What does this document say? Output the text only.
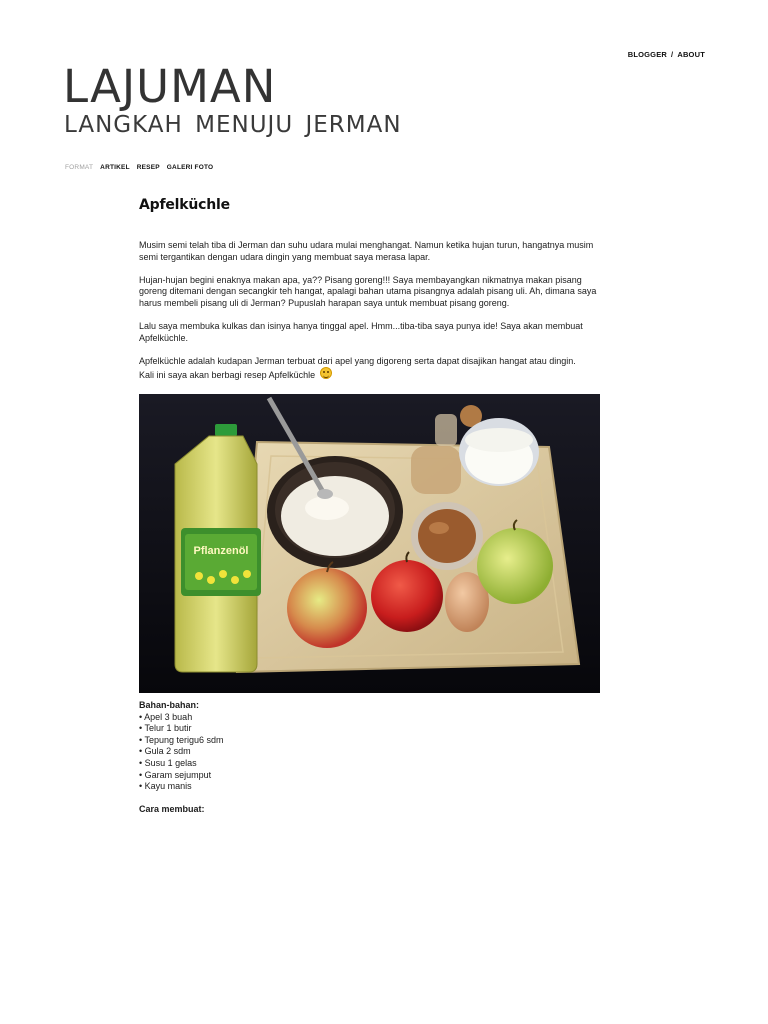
BLOGGER / ABOUT
LAJUMAN
LANGKAH MENUJU JERMAN
FORMAT ARTIKEL RESEP GALERI FOTO
Apfelküchle

Musim semi telah tiba di Jerman dan suhu udara mulai menghangat. Namun ketika hujan turun, hangatnya musim semi tergantikan dengan udara dingin yang membuat saya merasa lapar.

Hujan-hujan begini enaknya makan apa, ya?? Pisang goreng!!! Saya membayangkan nikmatnya makan pisang goreng ditemani dengan secangkir teh hangat, apalagi bahan utama pisangnya adalah pisang uli. Ah, dimana saya harus membeli pisang uli di Jerman? Pupuslah harapan saya untuk membuat pisang goreng.

Lalu saya membuka kulkas dan isinya hanya tinggal apel. Hmm...tiba-tiba saya punya ide! Saya akan membuat Apfelküchle.

Apfelküchle adalah kudapan Jerman terbuat dari apel yang digoreng serta dapat disajikan hangat atau dingin.
Kali ini saya akan berbagi resep Apfelküchle

Pflanzenöl
Bahan-bahan:
• Apel 3 buah
• Telur 1 butir
• Tepung terigu6 sdm
• Gula 2 sdm
• Susu 1 gelas
• Garam sejumput
• Kayu manis
Cara membuat:
